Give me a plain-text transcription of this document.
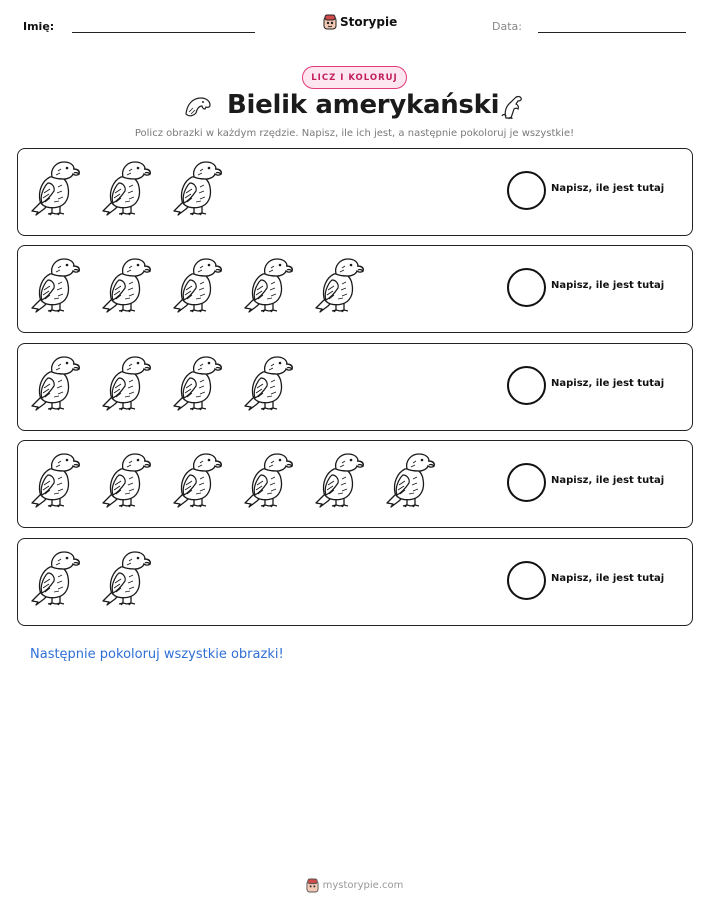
Imię:	Storypie	Data:
LICZ I KOLORUJ
Bielik amerykański
Policz obrazki w każdym rzędzie. Napisz, ile ich jest, a następnie pokoloruj je wszystkie!
Napisz, ile jest tutaj
Napisz, ile jest tutaj
Napisz, ile jest tutaj
Napisz, ile jest tutaj
Napisz, ile jest tutaj
Następnie pokoloruj wszystkie obrazki!
mystorypie.com
